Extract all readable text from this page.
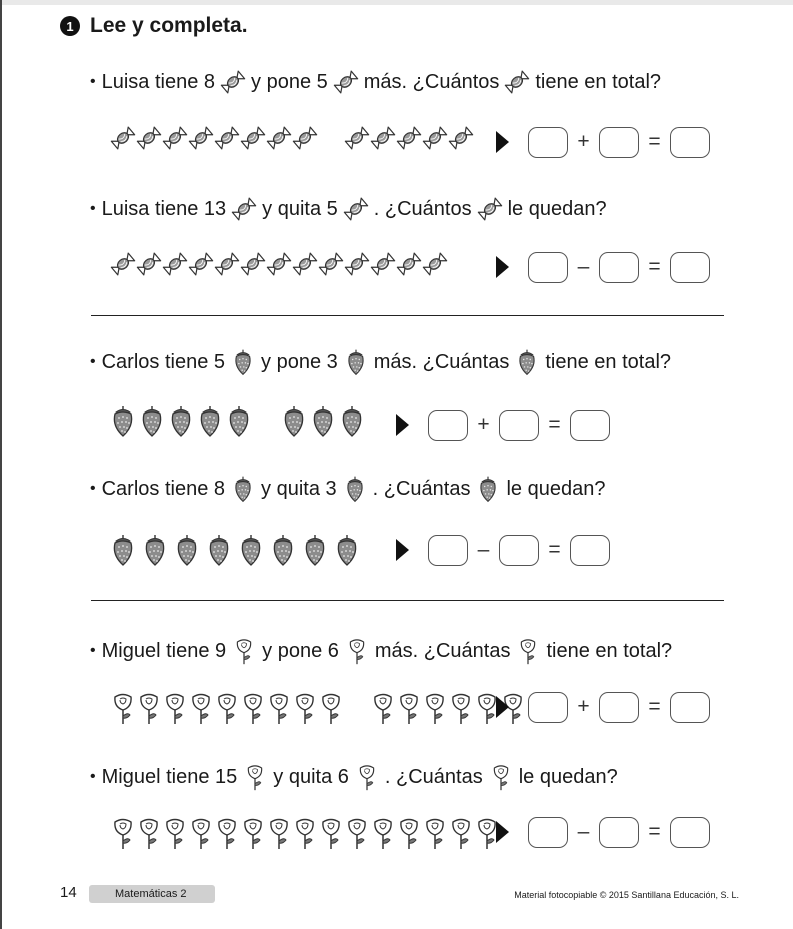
1 Lee y completa.
• Luisa tiene 8 y pone 5 más. ¿Cuántos tiene en total?
+	=
• Luisa tiene 13 y quita 5 . ¿Cuántos le quedan?
–	=
• Carlos tiene 5 y pone 3 más. ¿Cuántas tiene en total?
+	=
• Carlos tiene 8 y quita 3 . ¿Cuántas le quedan?
–	=
• Miguel tiene 9 y pone 6 más. ¿Cuántas tiene en total?
+	=
• Miguel tiene 15 y quita 6 . ¿Cuántas le quedan?
–	=
14	Matemáticas 2	Material fotocopiable © 2015 Santillana Educación, S. L.
